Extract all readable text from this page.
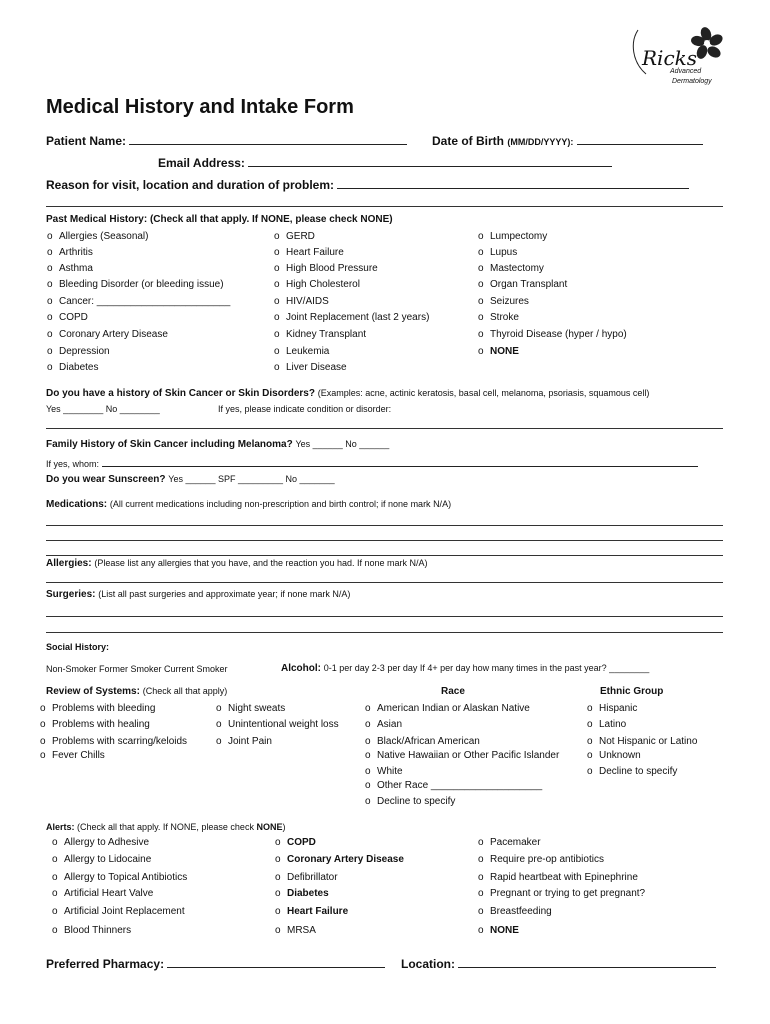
Ricks
Advanced
Dermatology
Medical History and Intake Form
Patient Name:	Date of Birth (MM/DD/YYYY):
Email Address:
Reason for visit, location and duration of problem:
Past Medical History: (Check all that apply. If NONE, please check NONE)
o Allergies (Seasonal)
o Arthritis
o Asthma
o Bleeding Disorder (or bleeding issue)
o Cancer: ________________________
o COPD
o Coronary Artery Disease
o Depression
o Diabetes
o GERD
o Heart Failure
o High Blood Pressure
o High Cholesterol
o HIV/AIDS
o Joint Replacement (last 2 years)
o Kidney Transplant
o Leukemia
o Liver Disease
o Lumpectomy
o Lupus
o Mastectomy
o Organ Transplant
o Seizures
o Stroke
o Thyroid Disease (hyper / hypo)
o NONE
Do you have a history of Skin Cancer or Skin Disorders? (Examples: acne, actinic keratosis, basal cell, melanoma, psoriasis, squamous cell)
Yes ________ No ________	If yes, please indicate condition or disorder:
Family History of Skin Cancer including Melanoma? Yes ______ No ______
If yes, whom:
Do you wear Sunscreen? Yes ______ SPF _________ No _______
Medications: (All current medications including non-prescription and birth control; if none mark N/A)
Allergies: (Please list any allergies that you have, and the reaction you had. If none mark N/A)
Surgeries: (List all past surgeries and approximate year; if none mark N/A)
Social History:
Non-Smoker Former Smoker Current Smoker	Alcohol: 0-1 per day 2-3 per day If 4+ per day how many times in the past year? ________
Review of Systems: (Check all that apply)	Race	Ethnic Group
o Problems with bleeding
o Problems with healing
o Problems with scarring/keloids
o Fever Chills
o Night sweats
o Unintentional weight loss
o Joint Pain
o American Indian or Alaskan Native
o Asian
o Black/African American
o Native Hawaiian or Other Pacific Islander
o White
o Other Race ____________________
o Decline to specify
o Hispanic
o Latino
o Not Hispanic or Latino
o Unknown
o Decline to specify
Alerts: (Check all that apply. If NONE, please check NONE)
o Allergy to Adhesive
o Allergy to Lidocaine
o Allergy to Topical Antibiotics
o Artificial Heart Valve
o Artificial Joint Replacement
o Blood Thinners
o COPD
o Coronary Artery Disease
o Defibrillator
o Diabetes
o Heart Failure
o MRSA
o Pacemaker
o Require pre-op antibiotics
o Rapid heartbeat with Epinephrine
o Pregnant or trying to get pregnant?
o Breastfeeding
o NONE
Preferred Pharmacy:	Location:
